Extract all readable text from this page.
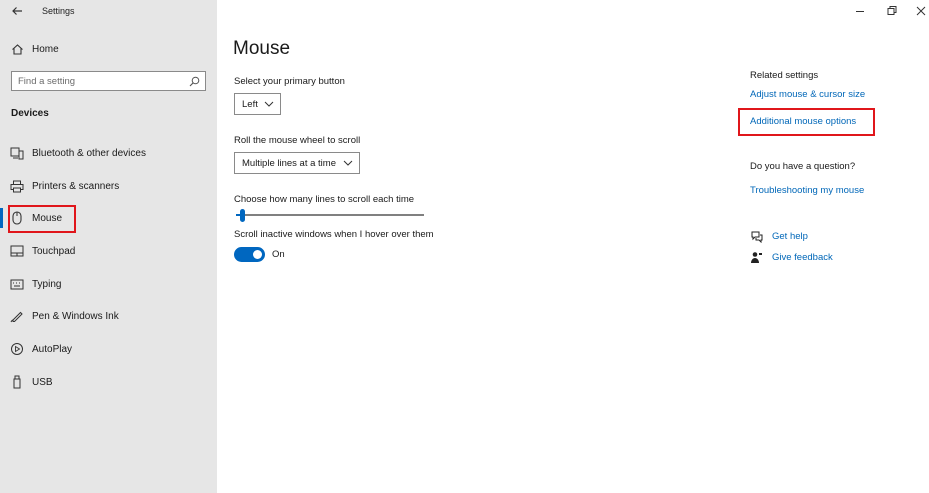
Settings
Home
Find a setting
Devices
Bluetooth & other devices
Printers & scanners
Mouse
Touchpad
Typing
Pen & Windows Ink
AutoPlay
USB
Mouse
Select your primary button
Left
Roll the mouse wheel to scroll
Multiple lines at a time
Choose how many lines to scroll each time
Scroll inactive windows when I hover over them
On
Related settings
Adjust mouse & cursor size
Additional mouse options
Do you have a question?
Troubleshooting my mouse
Get help
Give feedback
